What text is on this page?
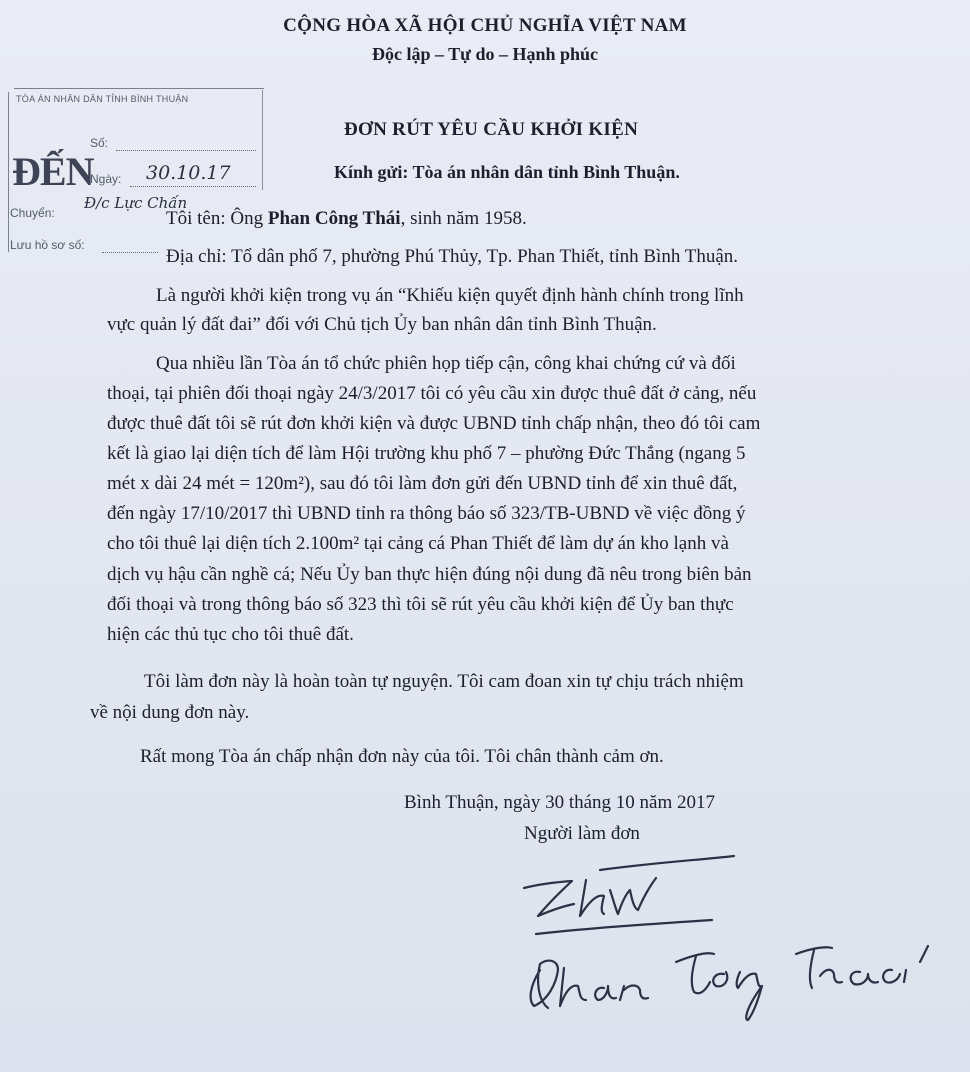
CỘNG HÒA XÃ HỘI CHỦ NGHĨA VIỆT NAM
Độc lập – Tự do – Hạnh phúc
TÒA ÁN NHÂN DÂN TỈNH BÌNH THUẬN
ĐẾN
Số:
Ngày: 30.10.17
Chuyển:
Đ/c Lực Chấn
Lưu hồ sơ số:
ĐƠN RÚT YÊU CẦU KHỞI KIỆN
Kính gửi: Tòa án nhân dân tỉnh Bình Thuận.
Tôi tên: Ông Phan Công Thái, sinh năm 1958.
Địa chỉ: Tổ dân phố 7, phường Phú Thủy, Tp. Phan Thiết, tỉnh Bình Thuận.
Là người khởi kiện trong vụ án “Khiếu kiện quyết định hành chính trong lĩnh
vực quản lý đất đai” đối với Chủ tịch Ủy ban nhân dân tỉnh Bình Thuận.
Qua nhiều lần Tòa án tổ chức phiên họp tiếp cận, công khai chứng cứ và đối
thoại, tại phiên đối thoại ngày 24/3/2017 tôi có yêu cầu xin được thuê đất ở cảng, nếu
được thuê đất tôi sẽ rút đơn khởi kiện và được UBND tỉnh chấp nhận, theo đó tôi cam
kết là giao lại diện tích để làm Hội trường khu phố 7 – phường Đức Thắng (ngang 5
mét x dài 24 mét = 120m²), sau đó tôi làm đơn gửi đến UBND tỉnh để xin thuê đất,
đến ngày 17/10/2017 thì UBND tỉnh ra thông báo số 323/TB-UBND về việc đồng ý
cho tôi thuê lại diện tích 2.100m² tại cảng cá Phan Thiết để làm dự án kho lạnh và
dịch vụ hậu cần nghề cá; Nếu Ủy ban thực hiện đúng nội dung đã nêu trong biên bản
đối thoại và trong thông báo số 323 thì tôi sẽ rút yêu cầu khởi kiện để Ủy ban thực
hiện các thủ tục cho tôi thuê đất.
Tôi làm đơn này là hoàn toàn tự nguyện. Tôi cam đoan xin tự chịu trách nhiệm
về nội dung đơn này.
Rất mong Tòa án chấp nhận đơn này của tôi. Tôi chân thành cảm ơn.
Bình Thuận, ngày 30 tháng 10 năm 2017
Người làm đơn
